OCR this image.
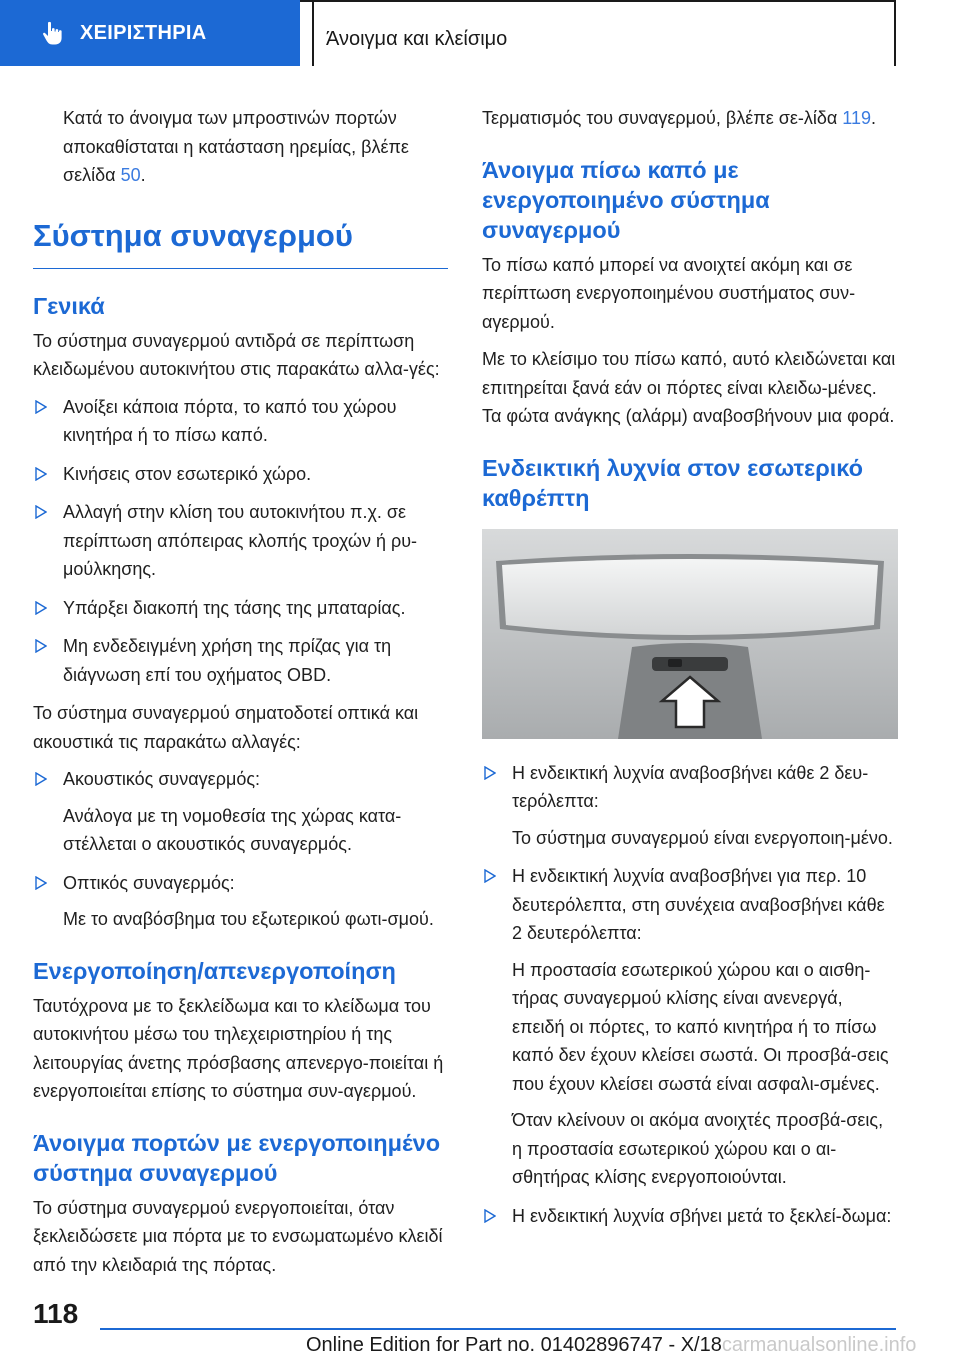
ΧΕΙΡΙΣΤΗΡΙΑ	Άνοιγμα και κλείσιμο

Κατά το άνοιγμα των μπροστινών πορτών αποκαθίσταται η κατάσταση ηρεμίας, βλέπε σελίδα 50.

Σύστημα συναγερμού
Γενικά

Το σύστημα συναγερμού αντιδρά σε περίπτωση κλειδωμένου αυτοκινήτου στις παρακάτω αλλα-γές:

Ανοίξει κάποια πόρτα, το καπό του χώρου κινητήρα ή το πίσω καπό.
Κινήσεις στον εσωτερικό χώρο.
Αλλαγή στην κλίση του αυτοκινήτου π.χ. σε περίπτωση απόπειρας κλοπής τροχών ή ρυ-μούλκησης.
Υπάρξει διακοπή της τάσης της μπαταρίας.
Μη ενδεδειγμένη χρήση της πρίζας για τη διάγνωση επί του οχήματος OBD.

Το σύστημα συναγερμού σηματοδοτεί οπτικά και ακουστικά τις παρακάτω αλλαγές:

Ακουστικός συναγερμός:

Ανάλογα με τη νομοθεσία της χώρας κατα-στέλλεται ο ακουστικός συναγερμός.

Οπτικός συναγερμός:

Με το αναβόσβημα του εξωτερικού φωτι-σμού.

Ενεργοποίηση/απενεργοποίηση

Ταυτόχρονα με το ξεκλείδωμα και το κλείδωμα του αυτοκινήτου μέσω του τηλεχειριστηρίου ή της λειτουργίας άνετης πρόσβασης απενεργο-ποιείται ή ενεργοποιείται επίσης το σύστημα συν-αγερμού.

Άνοιγμα πορτών με ενεργοποιημένο σύστημα συναγερμού

Το σύστημα συναγερμού ενεργοποιείται, όταν ξεκλειδώσετε μια πόρτα με το ενσωματωμένο κλειδί από την κλειδαριά της πόρτας.

Τερματισμός του συναγερμού, βλέπε σε-λίδα 119.

Άνοιγμα πίσω καπό με ενεργοποιημένο σύστημα συναγερμού

Το πίσω καπό μπορεί να ανοιχτεί ακόμη και σε περίπτωση ενεργοποιημένου συστήματος συν-αγερμού.

Με το κλείσιμο του πίσω καπό, αυτό κλειδώνεται και επιτηρείται ξανά εάν οι πόρτες είναι κλειδω-μένες. Τα φώτα ανάγκης (αλάρμ) αναβοσβήνουν μια φορά.

Ενδεικτική λυχνία στον εσωτερικό καθρέπτη
Η ενδεικτική λυχνία αναβοσβήνει κάθε 2 δευ-τερόλεπτα:

Το σύστημα συναγερμού είναι ενεργοποιη-μένο.

Η ενδεικτική λυχνία αναβοσβήνει για περ. 10 δευτερόλεπτα, στη συνέχεια αναβοσβήνει κάθε 2 δευτερόλεπτα:

Η προστασία εσωτερικού χώρου και ο αισθη-τήρας συναγερμού κλίσης είναι ανενεργά, επειδή οι πόρτες, το καπό κινητήρα ή το πίσω καπό δεν έχουν κλείσει σωστά. Οι προσβά-σεις που έχουν κλείσει σωστά είναι ασφαλι-σμένες.

Όταν κλείνουν οι ακόμα ανοιχτές προσβά-σεις, η προστασία εσωτερικού χώρου και ο αι-σθητήρας κλίσης ενεργοποιούνται.

Η ενδεικτική λυχνία σβήνει μετά το ξεκλεί-δωμα:
118
Online Edition for Part no. 01402896747 - X/18carmanualsonline.info
